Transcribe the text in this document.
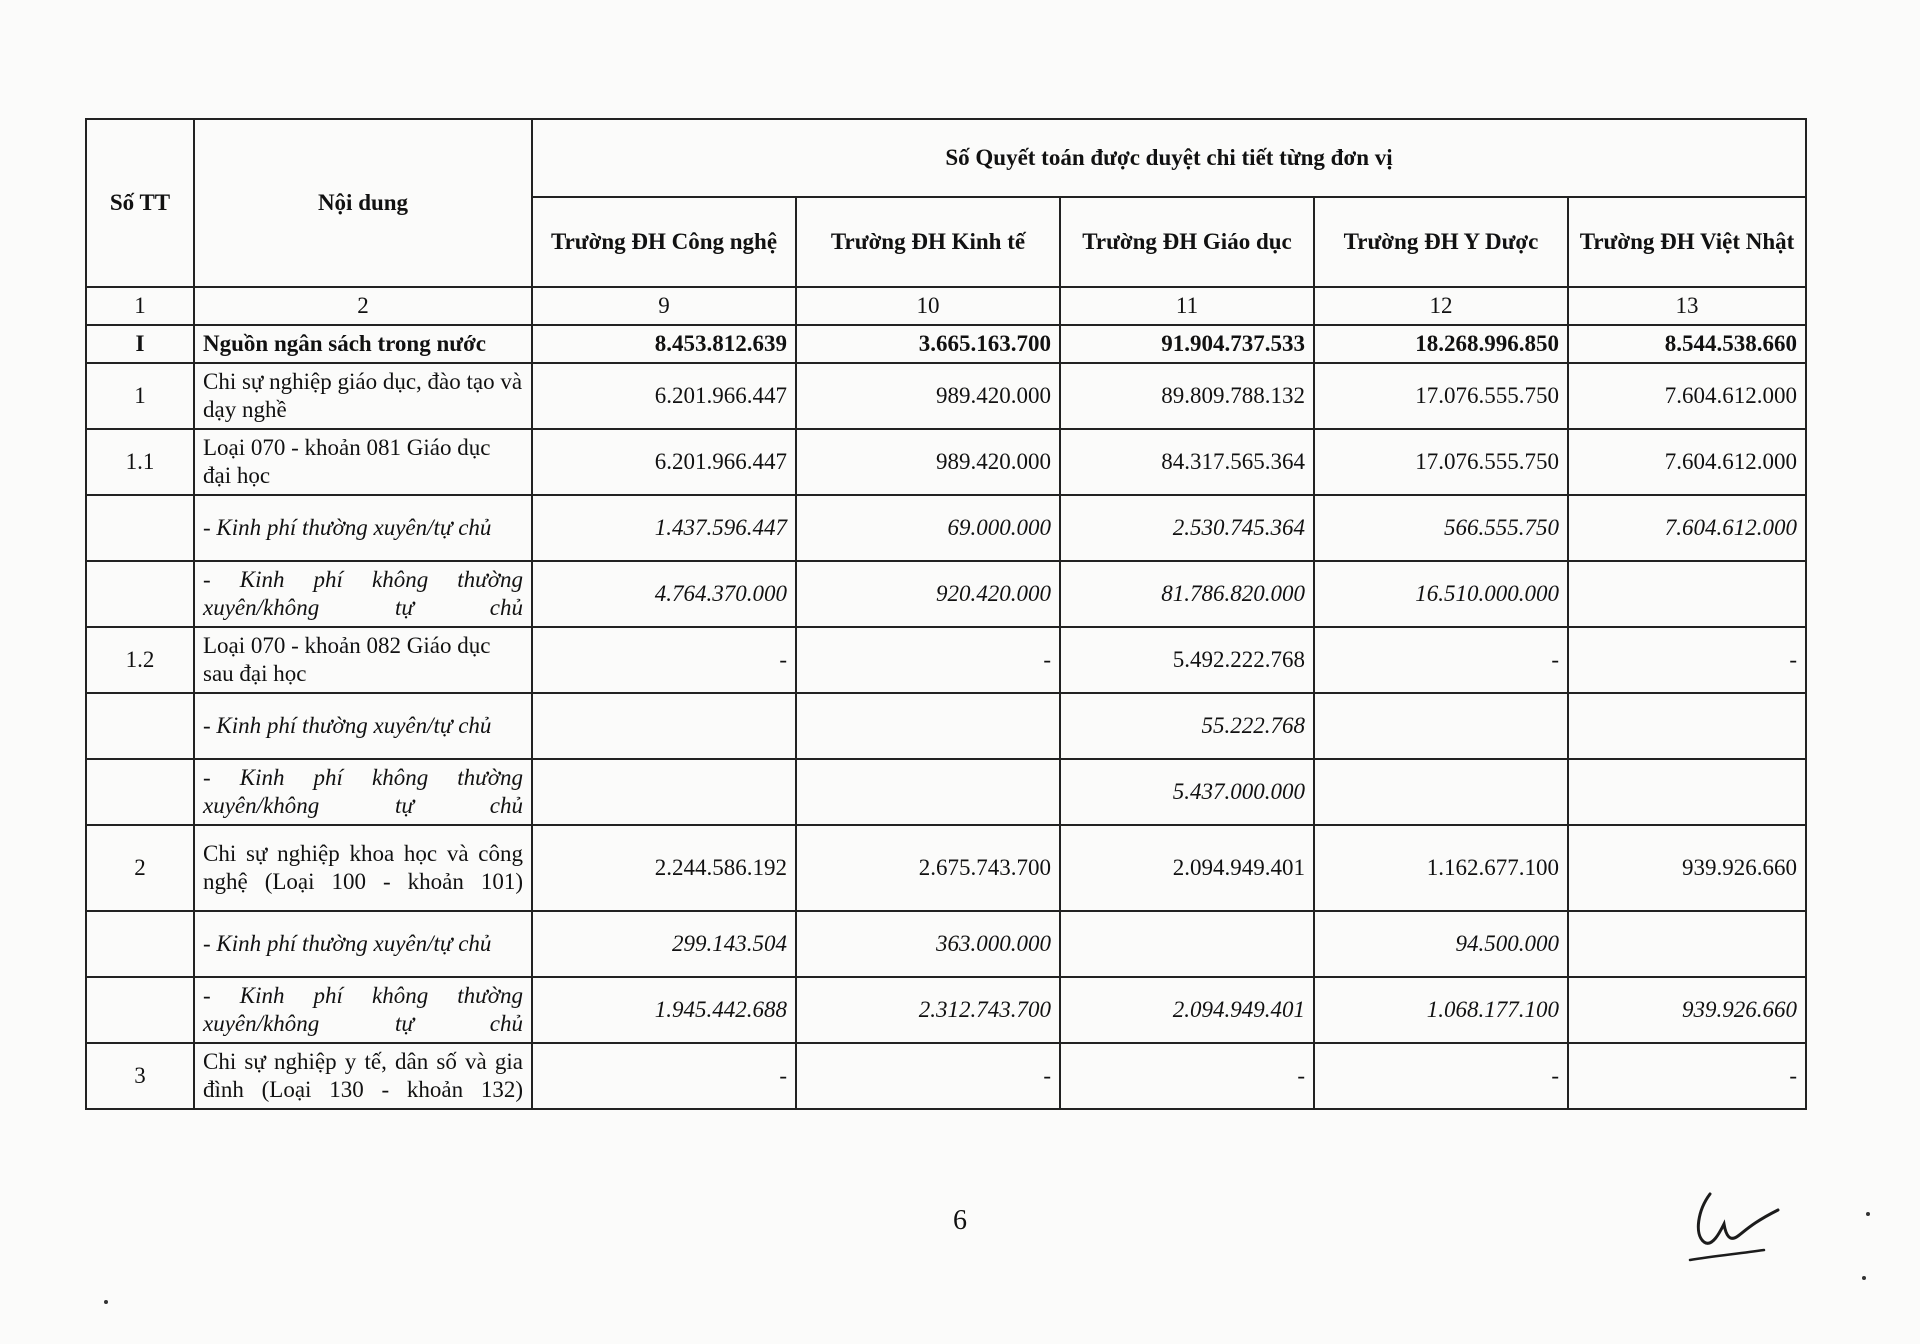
Số TT	Nội dung	Số Quyết toán được duyệt chi tiết từng đơn vị				
		Trường ĐH Công nghệ	Trường ĐH Kinh tế	Trường ĐH Giáo dục	Trường ĐH Y Dược	Trường ĐH Việt Nhật
1	2	9	10	11	12	13
I	Nguồn ngân sách trong nước	8.453.812.639	3.665.163.700	91.904.737.533	18.268.996.850	8.544.538.660
1	Chi sự nghiệp giáo dục, đào tạo và dạy nghề	6.201.966.447	989.420.000	89.809.788.132	17.076.555.750	7.604.612.000
1.1	Loại 070 - khoản 081 Giáo dục đại học	6.201.966.447	989.420.000	84.317.565.364	17.076.555.750	7.604.612.000
	- Kinh phí thường xuyên/tự chủ	1.437.596.447	69.000.000	2.530.745.364	566.555.750	7.604.612.000
	- Kinh phí không thường xuyên/không tự chủ	4.764.370.000	920.420.000	81.786.820.000	16.510.000.000	
1.2	Loại 070 - khoản 082 Giáo dục sau đại học	-	-	5.492.222.768	-	-
	- Kinh phí thường xuyên/tự chủ			55.222.768		
	- Kinh phí không thường xuyên/không tự chủ			5.437.000.000		
2	Chi sự nghiệp khoa học và công nghệ (Loại 100 - khoản 101)	2.244.586.192	2.675.743.700	2.094.949.401	1.162.677.100	939.926.660
	- Kinh phí thường xuyên/tự chủ	299.143.504	363.000.000		94.500.000	
	- Kinh phí không thường xuyên/không tự chủ	1.945.442.688	2.312.743.700	2.094.949.401	1.068.177.100	939.926.660
3	Chi sự nghiệp y tế, dân số và gia đình (Loại 130 - khoản 132)	-	-	-	-	-
6
